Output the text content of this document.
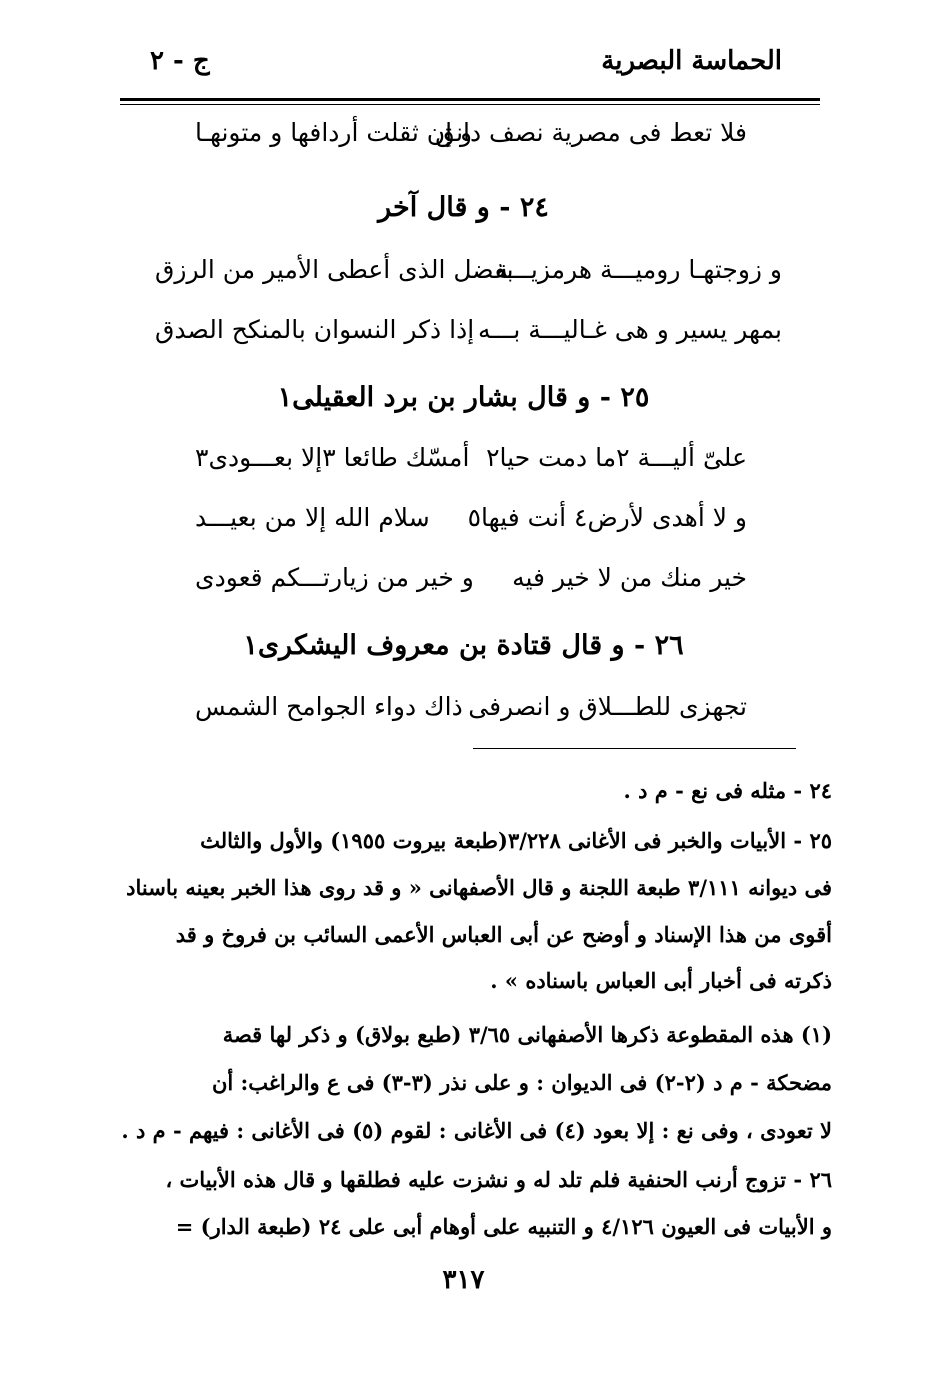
الحماسة البصرية
ج - ٢
فلا تعط فى مصرية نصف دانق
و إن ثقلت أردافها و متونهـا
٢٤ - و قال آخر
و زوجتهـا روميـــة هرمزيـــة
بفضل الذى أعطى الأمير من الرزق
بمهر يسير و هى غـاليـــة بـــه
إذا ذكر النسوان بالمنكح الصدق
٢٥ - و قال بشار بن برد العقيلى١
علىّ أليـــة ٢ما دمت حيا٢
أمسّك طائعا ٣إلا بعـــودى٣
و لا أهدى لأرض٤ أنت فيها٥
سلام الله إلا من بعيـــد
خير منك من لا خير فيه
و خير من زيارتـــكم قعودى
٢٦ - و قال قتادة بن معروف اليشكرى١
تجهزى للطـــلاق و انصرفى
ذاك دواء الجوامح الشمس
٢٤ - مثله فى نع - م د .
٢٥ - الأبيات والخبر فى الأغانى ٣/٢٢٨(طبعة بيروت ١٩٥٥) والأول والثالث
فى ديوانه ٣/١١١ طبعة اللجنة و قال الأصفهانى « و قد روى هذا الخبر بعينه باسناد
أقوى من هذا الإسناد و أوضح عن أبى العباس الأعمى السائب بن فروخ و قد
ذكرته فى أخبار أبى العباس باسناده » .
(١) هذه المقطوعة ذكرها الأصفهانى ٣/٦٥ (طبع بولاق) و ذكر لها قصة
مضحكة - م د (٢-٢) فى الديوان : و على نذر (٣-٣) فى ع والراغب: أن
لا تعودى ، وفى نع : إلا بعود (٤) فى الأغانى : لقوم (٥) فى الأغانى : فيهم - م د .
٢٦ - تزوج أرنب الحنفية فلم تلد له و نشزت عليه فطلقها و قال هذه الأبيات ،
و الأبيات فى العيون ٤/١٢٦ و التنبيه على أوهام أبى على ٢٤ (طبعة الدار) =
٣١٧
